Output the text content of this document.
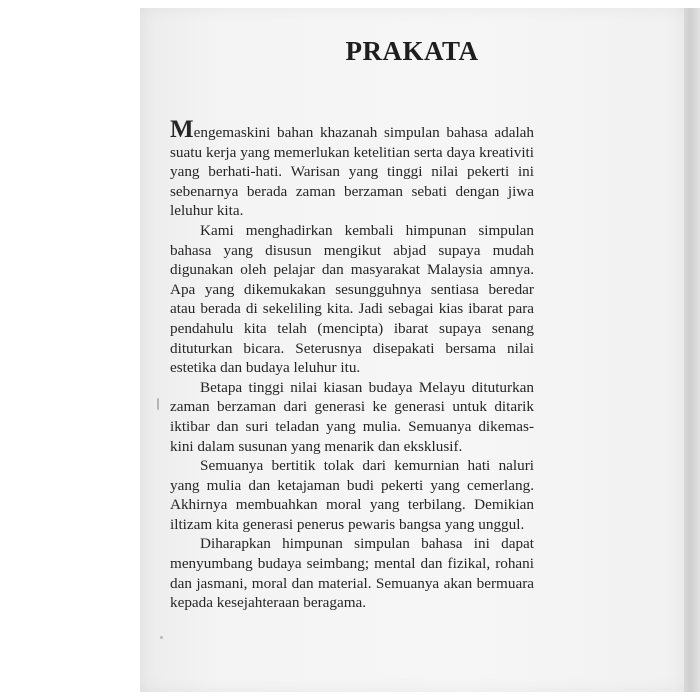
PRAKATA

Mengemaskini bahan khazanah simpulan bahasa adalah suatu kerja yang memerlukan ketelitian serta daya kreativiti yang berhati-hati. Warisan yang tinggi nilai pekerti ini sebenarnya berada zaman berzaman sebati dengan jiwa leluhur kita.

Kami menghadirkan kembali himpunan simpulan bahasa yang disusun mengikut abjad supaya mudah digunakan oleh pelajar dan masyarakat Malaysia amnya. Apa yang dikemukakan sesungguhnya sentiasa beredar atau berada di sekeliling kita. Jadi sebagai kias ibarat para pendahulu kita telah (mencipta) ibarat supaya senang dituturkan bicara. Seterusnya disepakati bersama nilai estetika dan budaya leluhur itu.

Betapa tinggi nilai kiasan budaya Melayu dituturkan zaman berzaman dari generasi ke generasi untuk ditarik iktibar dan suri teladan yang mulia. Semuanya dikemas-kini dalam susunan yang menarik dan eksklusif.

Semuanya bertitik tolak dari kemurnian hati naluri yang mulia dan ketajaman budi pekerti yang cemerlang. Akhirnya membuahkan moral yang terbilang. Demikian iltizam kita generasi penerus pewaris bangsa yang unggul.

Diharapkan himpunan simpulan bahasa ini dapat menyumbang budaya seimbang; mental dan fizikal, rohani dan jasmani, moral dan material. Semuanya akan bermuara kepada kesejahteraan beragama.
